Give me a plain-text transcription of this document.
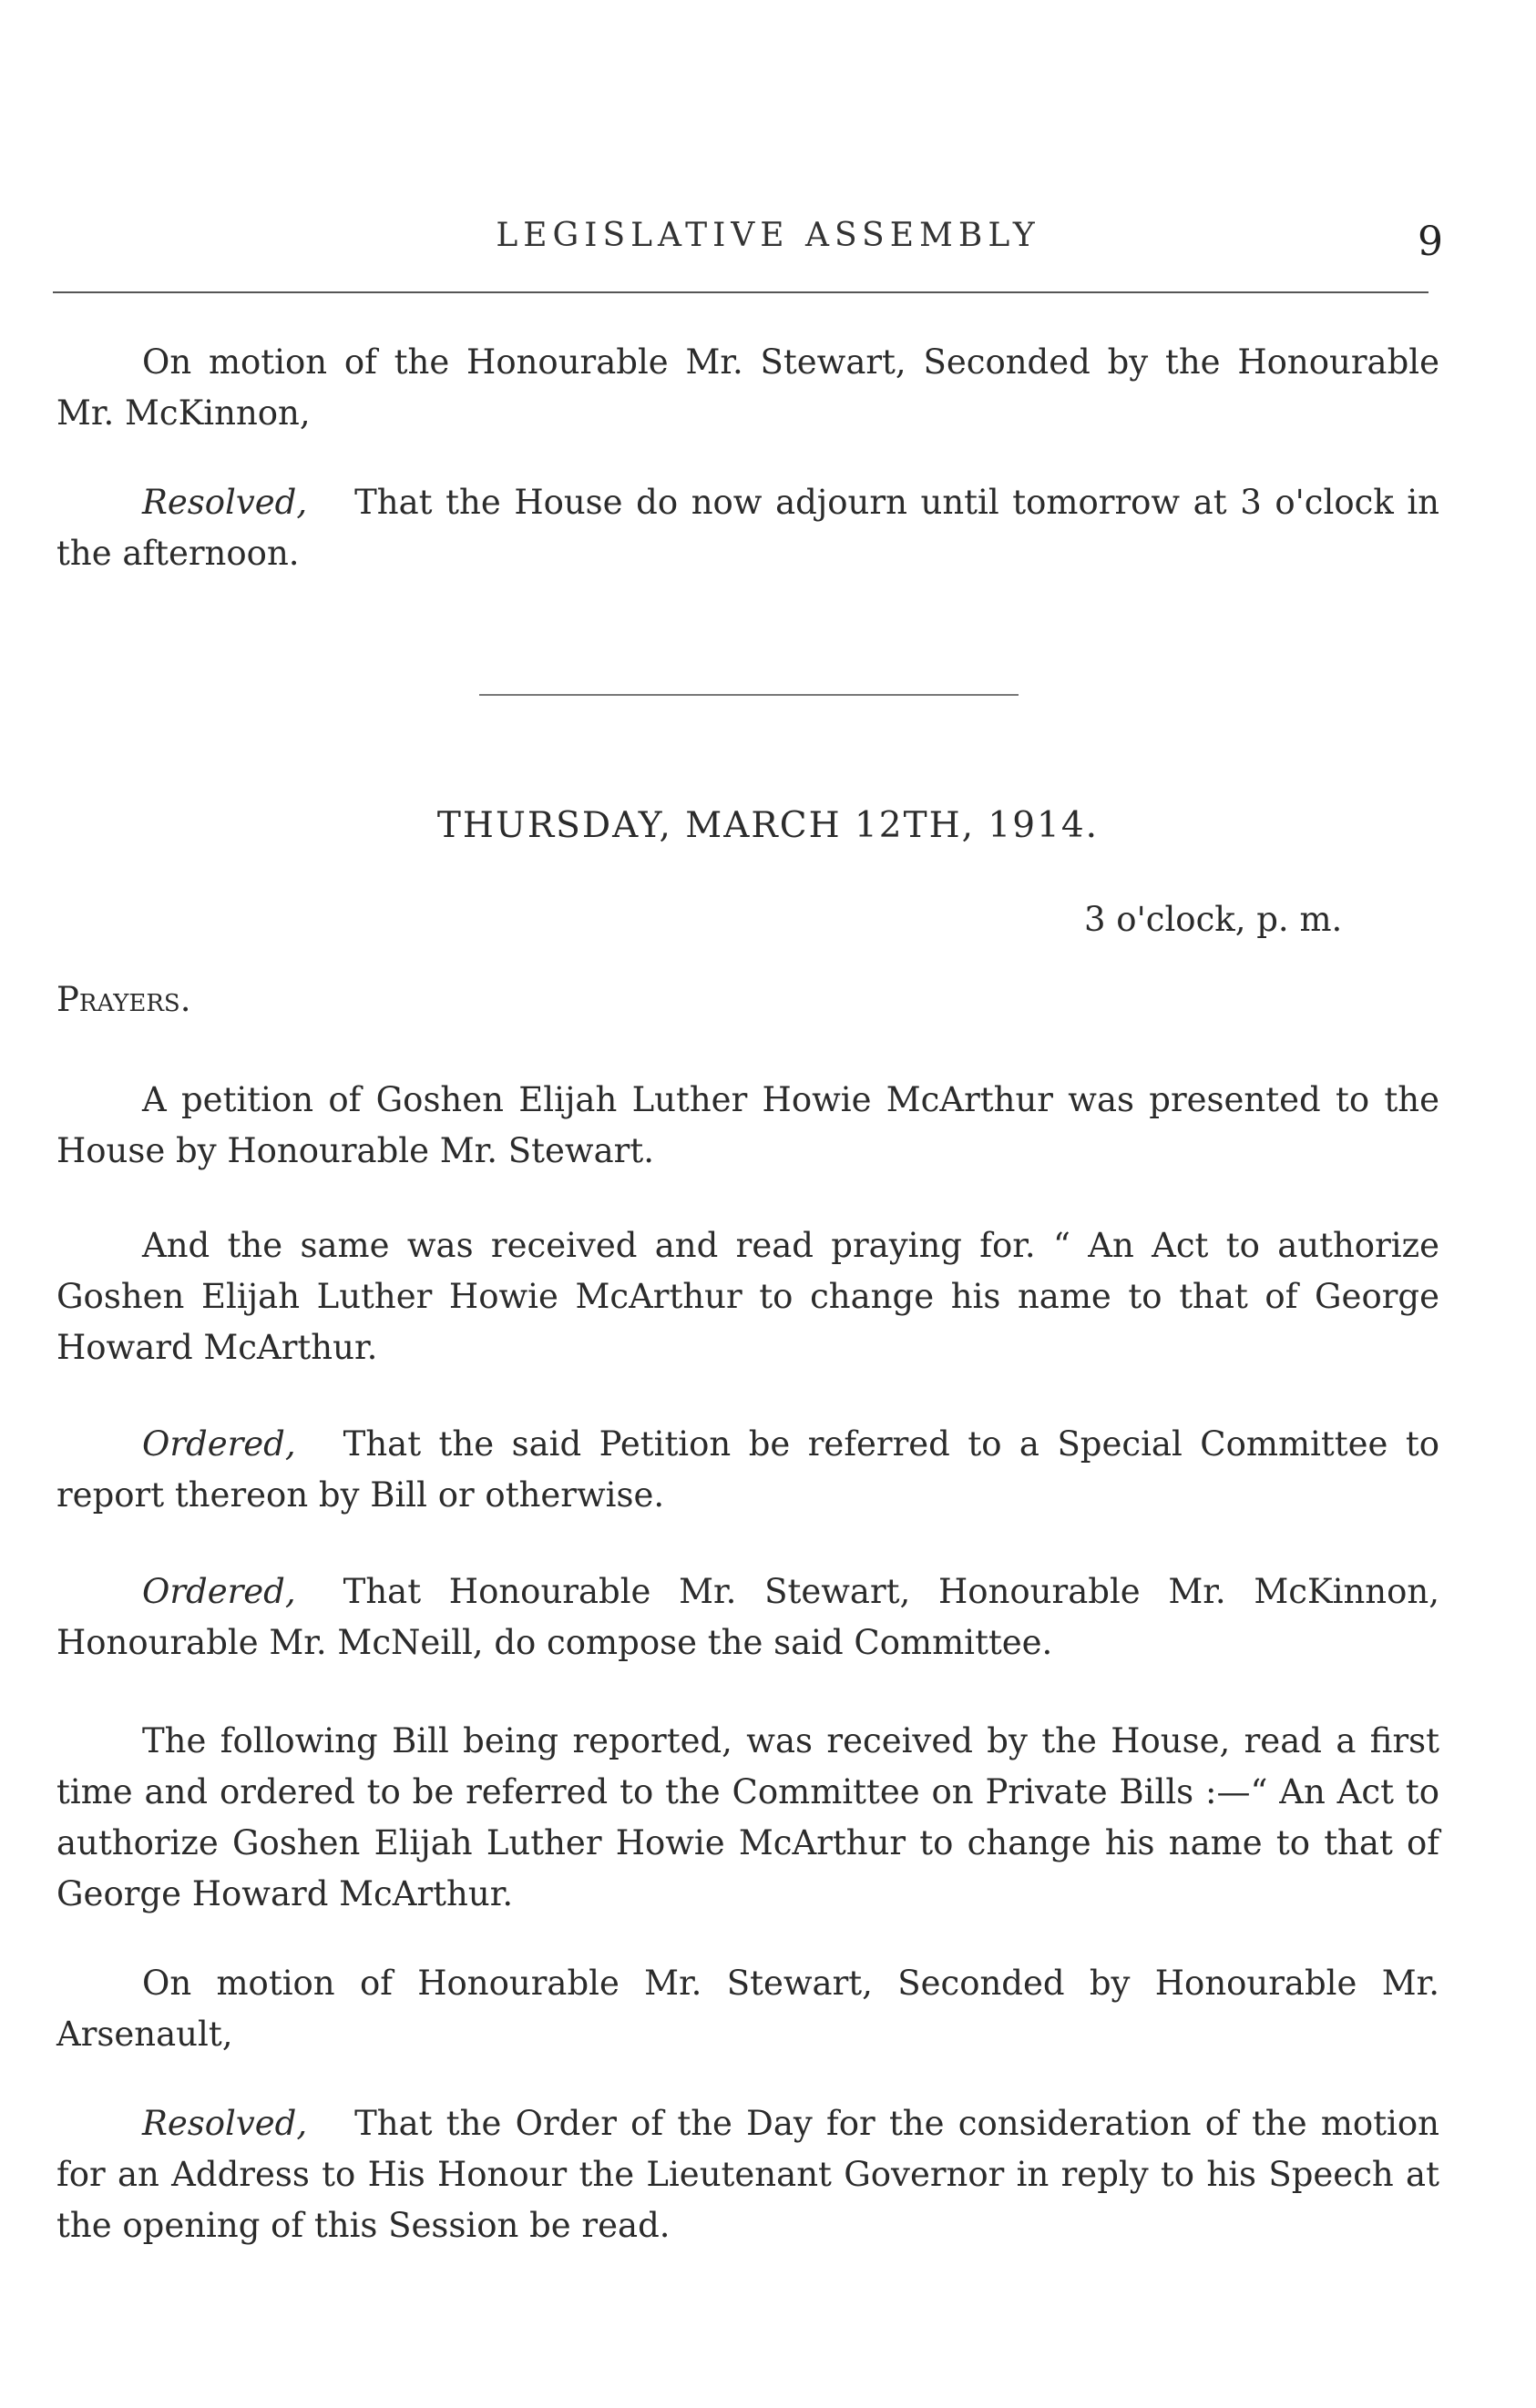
LEGISLATIVE ASSEMBLY	9
On motion of the Honourable Mr. Stewart, Seconded by the Honourable Mr. McKinnon,
Resolved, That the House do now adjourn until tomorrow at 3 o'clock in the afternoon.
THURSDAY, MARCH 12TH, 1914.
3 o'clock, p. m.
Prayers.
A petition of Goshen Elijah Luther Howie McArthur was presented to the House by Honourable Mr. Stewart.
And the same was received and read praying for. “ An Act to authorize Goshen Elijah Luther Howie McArthur to change his name to that of George Howard McArthur.
Ordered, That the said Petition be referred to a Special Committee to report thereon by Bill or otherwise.
Ordered, That Honourable Mr. Stewart, Honourable Mr. McKinnon, Honourable Mr. McNeill, do compose the said Committee.
The following Bill being reported, was received by the House, read a first time and ordered to be referred to the Committee on Private Bills :—“ An Act to authorize Goshen Elijah Luther Howie McArthur to change his name to that of George Howard McArthur.
On motion of Honourable Mr. Stewart, Seconded by Honourable Mr. Arsenault,
Resolved, That the Order of the Day for the consideration of the motion for an Address to His Honour the Lieutenant Governor in reply to his Speech at the opening of this Session be read.
